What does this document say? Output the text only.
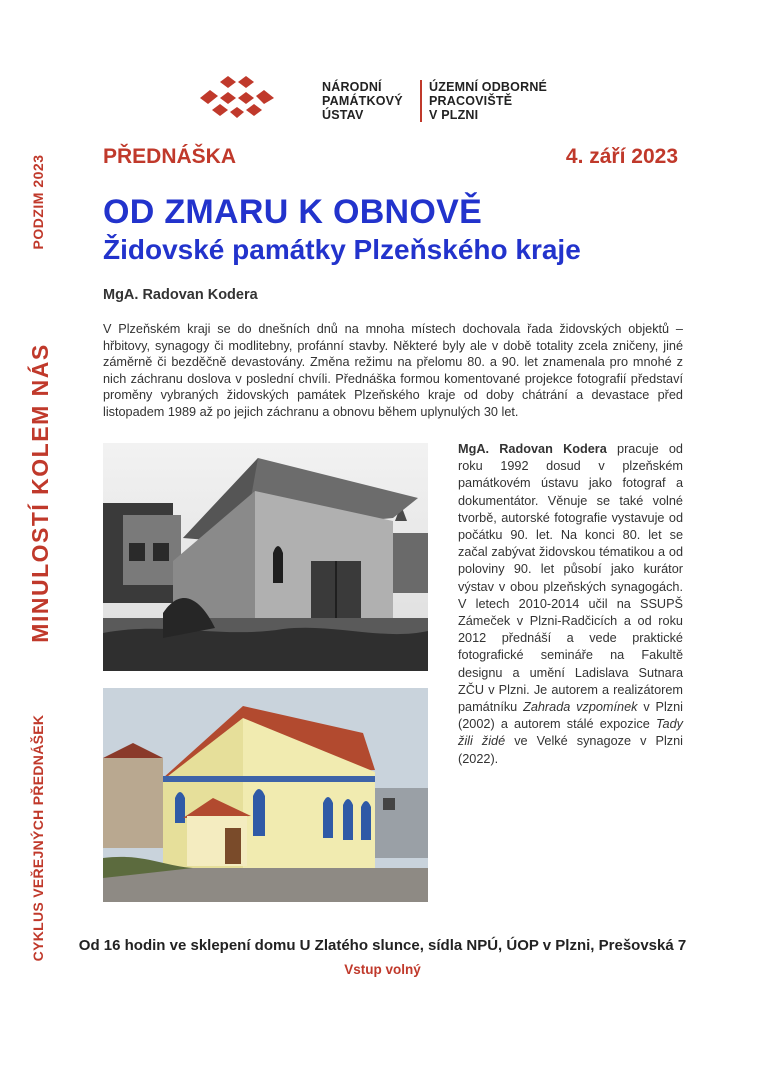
NÁRODNÍ
PAMÁTKOVÝ
ÚSTAV
ÚZEMNÍ ODBORNÉ
PRACOVIŠTĚ
V PLZNI
PODZIM 2023
MINULOSTÍ KOLEM NÁS
CYKLUS VEŘEJNÝCH PŘEDNÁŠEK
PŘEDNÁŠKA	4. září 2023
OD ZMARU K OBNOVĚ
Židovské památky Plzeňského kraje
MgA. Radovan Kodera
V Plzeňském kraji se do dnešních dnů na mnoha místech dochovala řada židovských objektů – hřbitovy, synagogy či modlitebny, profánní stavby. Některé byly ale v době totality zcela zničeny, jiné záměrně či bezděčně devastovány. Změna režimu na přelomu 80. a 90. let znamenala pro mnohé z nich záchranu doslova v poslední chvíli. Přednáška formou komentované projekce fotografií představí proměny vybraných židovských památek Plzeňského kraje od doby chátrání a devastace před listopadem 1989 až po jejich záchranu a obnovu během uplynulých 30 let.
MgA. Radovan Kodera pracuje od roku 1992 dosud v plzeňském památkovém ústavu jako fotograf a dokumentátor. Věnuje se také volné tvorbě, autorské fotografie vystavuje od počátku 90. let. Na konci 80. let se začal zabývat židovskou tématikou a od poloviny 90. let působí jako kurátor výstav v obou plzeňských synagogách. V letech 2010-2014 učil na SSUPŠ Zámeček v Plzni-Radčicích a od roku 2012 přednáší a vede praktické fotografické semináře na Fakultě designu a umění Ladislava Sutnara ZČU v Plzni. Je autorem a realizátorem památníku Zahrada vzpomínek v Plzni (2002) a autorem stálé expozice Tady žili židé ve Velké synagoze v Plzni (2022).
Od 16 hodin ve sklepení domu U Zlatého slunce, sídla NPÚ, ÚOP v Plzni, Prešovská 7
Vstup volný
